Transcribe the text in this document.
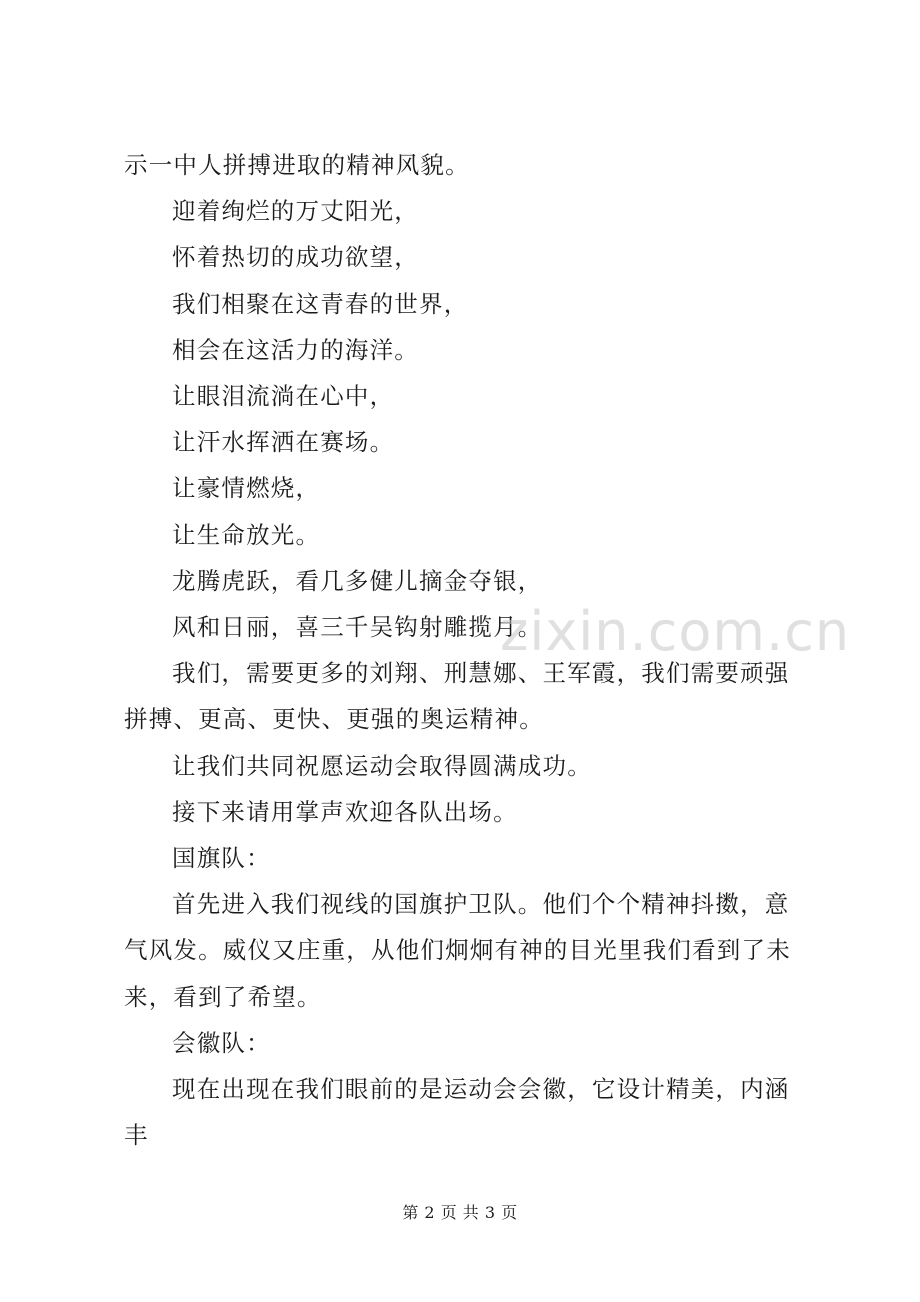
示一中人拼搏进取的精神风貌。

迎着绚烂的万丈阳光，

怀着热切的成功欲望，

我们相聚在这青春的世界，

相会在这活力的海洋。

让眼泪流淌在心中，

让汗水挥洒在赛场。

让豪情燃烧，

让生命放光。

龙腾虎跃，看几多健儿摘金夺银，

风和日丽，喜三千吴钩射雕揽月。

我们，需要更多的刘翔、刑慧娜、王军霞，我们需要顽强拼搏、更高、更快、更强的奥运精神。

让我们共同祝愿运动会取得圆满成功。

接下来请用掌声欢迎各队出场。

国旗队：

首先进入我们视线的国旗护卫队。他们个个精神抖擞，意气风发。威仪又庄重，从他们炯炯有神的目光里我们看到了未来，看到了希望。

会徽队：

现在出现在我们眼前的是运动会会徽，它设计精美，内涵丰

zixin.com.cn
第 2 页 共 3 页
